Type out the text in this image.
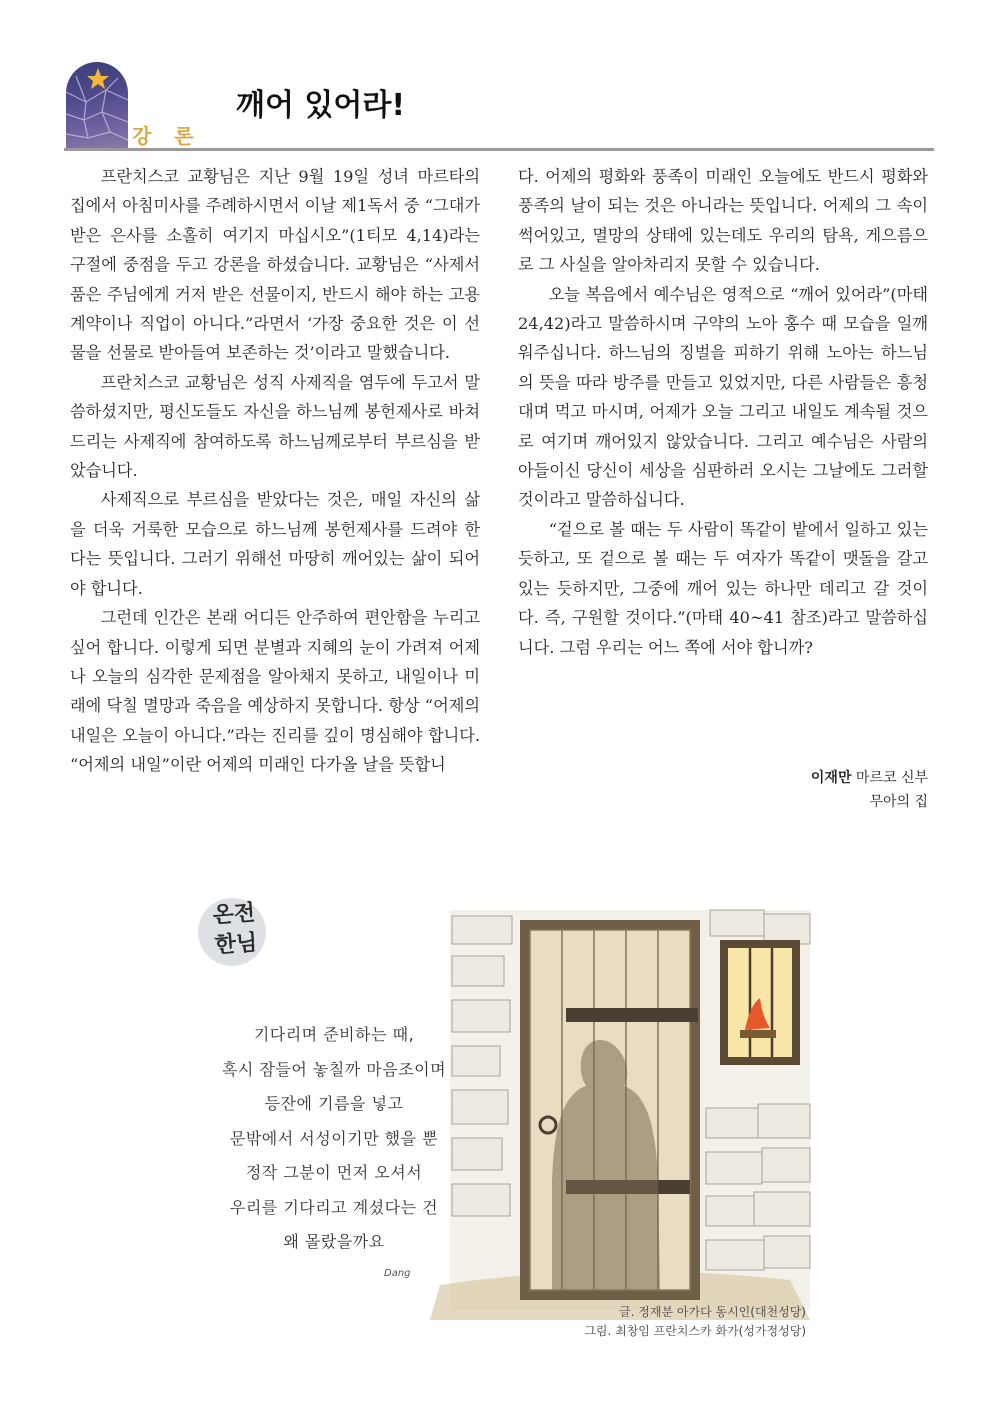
강 론
깨어 있어라!

프란치스코 교황님은 지난 9월 19일 성녀 마르타의 집에서 아침미사를 주례하시면서 이날 제1독서 중 “그대가 받은 은사를 소홀히 여기지 마십시오”(1티모 4,14)라는 구절에 중점을 두고 강론을 하셨습니다. 교황님은 “사제서품은 주님에게 거저 받은 선물이지, 반드시 해야 하는 고용계약이나 직업이 아니다.”라면서 ‘가장 중요한 것은 이 선물을 선물로 받아들여 보존하는 것’이라고 말했습니다.

프란치스코 교황님은 성직 사제직을 염두에 두고서 말씀하셨지만, 평신도들도 자신을 하느님께 봉헌제사로 바쳐 드리는 사제직에 참여하도록 하느님께로부터 부르심을 받았습니다.

사제직으로 부르심을 받았다는 것은, 매일 자신의 삶을 더욱 거룩한 모습으로 하느님께 봉헌제사를 드려야 한다는 뜻입니다. 그러기 위해선 마땅히 깨어있는 삶이 되어야 합니다.

그런데 인간은 본래 어디든 안주하여 편안함을 누리고 싶어 합니다. 이렇게 되면 분별과 지혜의 눈이 가려져 어제나 오늘의 심각한 문제점을 알아채지 못하고, 내일이나 미래에 닥칠 멸망과 죽음을 예상하지 못합니다. 항상 “어제의 내일은 오늘이 아니다.”라는 진리를 깊이 명심해야 합니다. “어제의 내일”이란 어제의 미래인 다가올 날을 뜻합니

다. 어제의 평화와 풍족이 미래인 오늘에도 반드시 평화와 풍족의 날이 되는 것은 아니라는 뜻입니다. 어제의 그 속이 썩어있고, 멸망의 상태에 있는데도 우리의 탐욕, 게으름으로 그 사실을 알아차리지 못할 수 있습니다.

오늘 복음에서 예수님은 영적으로 “깨어 있어라”(마태 24,42)라고 말씀하시며 구약의 노아 홍수 때 모습을 일깨워주십니다. 하느님의 징벌을 피하기 위해 노아는 하느님의 뜻을 따라 방주를 만들고 있었지만, 다른 사람들은 흥청대며 먹고 마시며, 어제가 오늘 그리고 내일도 계속될 것으로 여기며 깨어있지 않았습니다. 그리고 예수님은 사람의 아들이신 당신이 세상을 심판하러 오시는 그날에도 그러할 것이라고 말씀하십니다.

“겉으로 볼 때는 두 사람이 똑같이 밭에서 일하고 있는 듯하고, 또 겉으로 볼 때는 두 여자가 똑같이 맷돌을 갈고 있는 듯하지만, 그중에 깨어 있는 하나만 데리고 갈 것이다. 즉, 구원할 것이다.”(마태 40~41 참조)라고 말씀하십니다. 그럼 우리는 어느 쪽에 서야 합니까?

이재만 마르코 신부
무아의 집
온전
한님
기다리며 준비하는 때,
혹시 잠들어 놓칠까 마음조이며
등잔에 기름을 넣고
문밖에서 서성이기만 했을 뿐
정작 그분이 먼저 오셔서
우리를 기다리고 계셨다는 건
왜 몰랐을까요
Dang
글. 정재분 아가다 동시인(대천성당)
그림. 최창임 프란치스카 화가(성가정성당)
